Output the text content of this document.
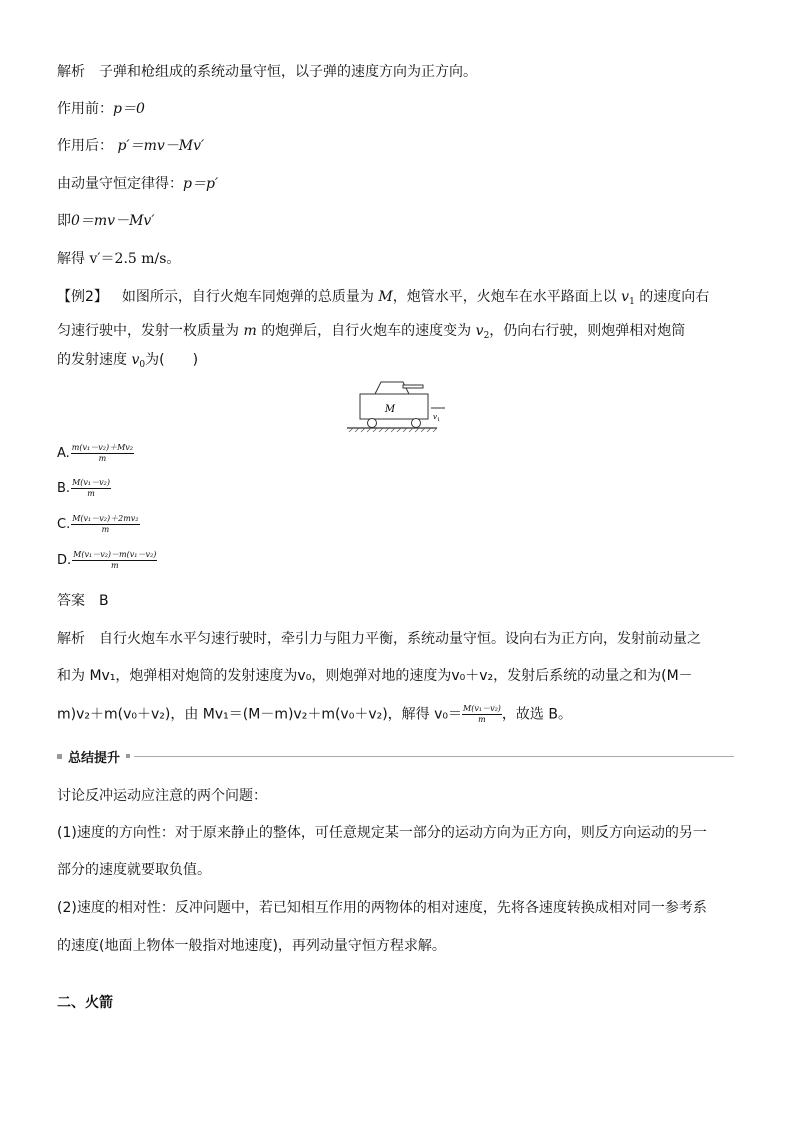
解析 子弹和枪组成的系统动量守恒，以子弹的速度方向为正方向。
作用前：p＝0
作用后： p′＝mv－Mv′
由动量守恒定律得：p＝p′
即0＝mv－Mv′
解得 v′＝2.5 m/s。
【例2】 如图所示，自行火炮车同炮弹的总质量为 M，炮管水平，火炮车在水平路面上以 $v_1$ 的速度向右
匀速行驶中，发射一枚质量为 m 的炮弹后，自行火炮车的速度变为 $v_2$，仍向右行驶，则炮弹相对炮筒
的发射速度 $v_0$为(　　)
M
$v_1$
A. $\frac{\text{m(v₁－v₂)＋Mv₂}}{m}$
B. $\frac{\text{M(v₁－v₂)}}{m}$
C. $\frac{\text{M(v₁－v₂)＋2mv₂}}{m}$
D. $\frac{\text{M(v₁－v₂)－m(v₁－v₂)}}{m}$
答案 B
解析 自行火炮车水平匀速行驶时，牵引力与阻力平衡，系统动量守恒。设向右为正方向，发射前动量之
和为 Mv₁，炮弹相对炮筒的发射速度为v₀，则炮弹对地的速度为v₀＋v₂，发射后系统的动量之和为(M－
m)v₂＋m(v₀＋v₂)，由 Mv₁＝(M－m)v₂＋m(v₀＋v₂)，解得 $v_0= \frac{\text{M(v₁－v₂)}}{m}$ ，故选 B。
总结提升
讨论反冲运动应注意的两个问题：
(1)速度的方向性：对于原来静止的整体，可任意规定某一部分的运动方向为正方向，则反方向运动的另一
部分的速度就要取负值。
(2)速度的相对性：反冲问题中，若已知相互作用的两物体的相对速度，先将各速度转换成相对同一参考系
的速度(地面上物体一般指对地速度)，再列动量守恒方程求解。
二、火箭
